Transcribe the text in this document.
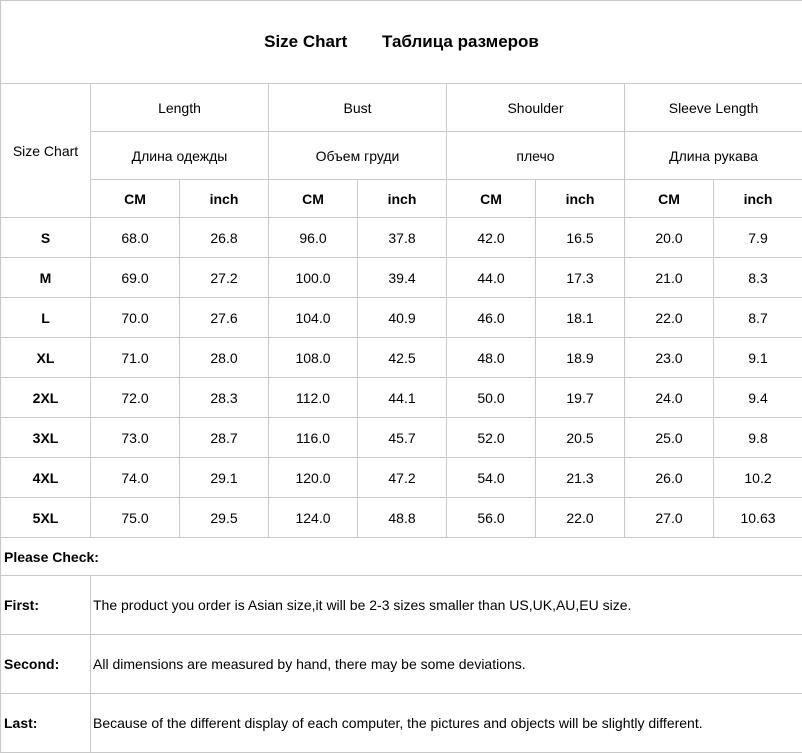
Size Chart Таблица размеров								
Size Chart	Length		Bust		Shoulder		Sleeve Length	
	Длина одежды		Объем груди		плечо		Длина рукава	
	CM	inch	CM	inch	CM	inch	CM	inch
S	68.0	26.8	96.0	37.8	42.0	16.5	20.0	7.9
M	69.0	27.2	100.0	39.4	44.0	17.3	21.0	8.3
L	70.0	27.6	104.0	40.9	46.0	18.1	22.0	8.7
XL	71.0	28.0	108.0	42.5	48.0	18.9	23.0	9.1
2XL	72.0	28.3	112.0	44.1	50.0	19.7	24.0	9.4
3XL	73.0	28.7	116.0	45.7	52.0	20.5	25.0	9.8
4XL	74.0	29.1	120.0	47.2	54.0	21.3	26.0	10.2
5XL	75.0	29.5	124.0	48.8	56.0	22.0	27.0	10.63
Please Check:								
First:	The product you order is Asian size,it will be 2-3 sizes smaller than US,UK,AU,EU size.							
Second:	All dimensions are measured by hand, there may be some deviations.							
Last:	Because of the different display of each computer, the pictures and objects will be slightly different.							
